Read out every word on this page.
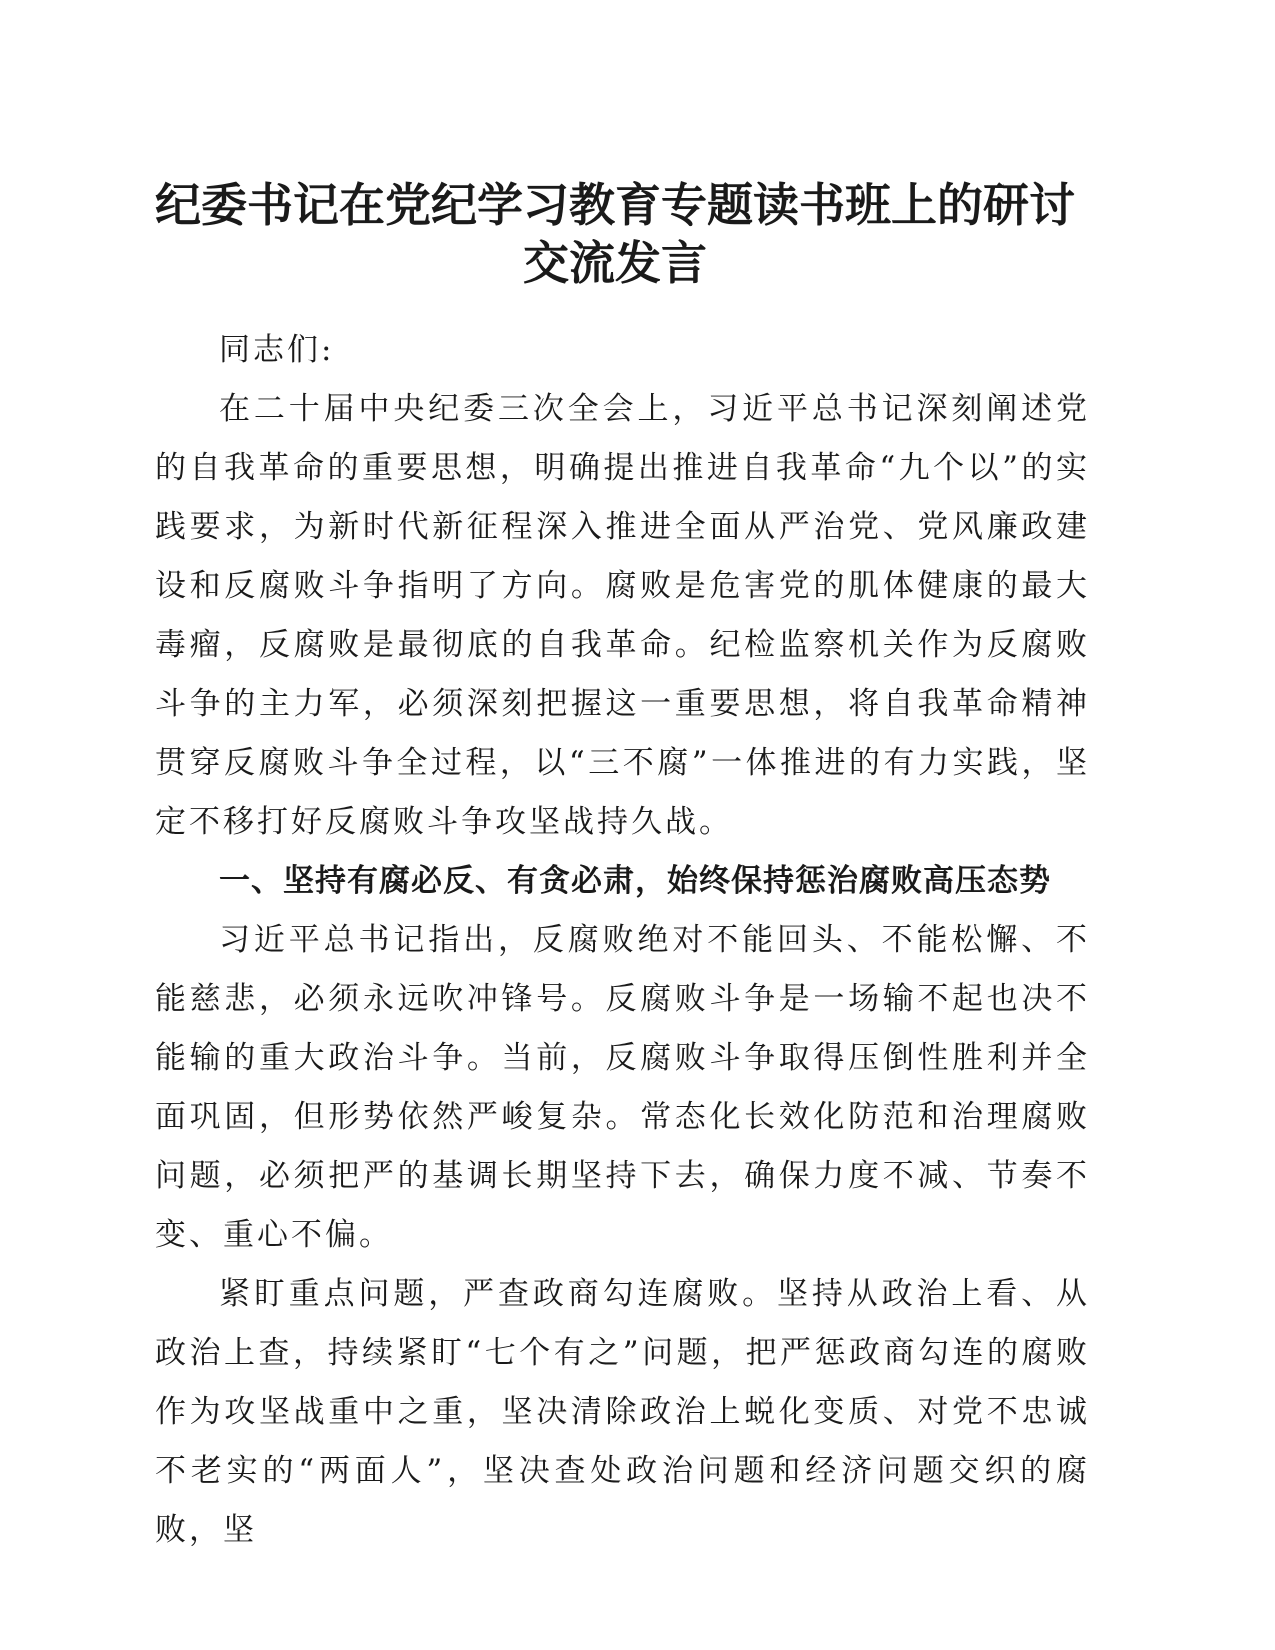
纪委书记在党纪学习教育专题读书班上的研讨
交流发言

同志们:

在二十届中央纪委三次全会上，习近平总书记深刻阐述党的自我革命的重要思想，明确提出推进自我革命“九个以”的实践要求，为新时代新征程深入推进全面从严治党、党风廉政建设和反腐败斗争指明了方向。腐败是危害党的肌体健康的最大毒瘤，反腐败是最彻底的自我革命。纪检监察机关作为反腐败斗争的主力军，必须深刻把握这一重要思想，将自我革命精神贯穿反腐败斗争全过程，以“三不腐”一体推进的有力实践，坚定不移打好反腐败斗争攻坚战持久战。

一、坚持有腐必反、有贪必肃，始终保持惩治腐败高压态势

习近平总书记指出，反腐败绝对不能回头、不能松懈、不能慈悲，必须永远吹冲锋号。反腐败斗争是一场输不起也决不能输的重大政治斗争。当前，反腐败斗争取得压倒性胜利并全面巩固，但形势依然严峻复杂。常态化长效化防范和治理腐败问题，必须把严的基调长期坚持下去，确保力度不减、节奏不变、重心不偏。

紧盯重点问题，严查政商勾连腐败。坚持从政治上看、从政治上查，持续紧盯“七个有之”问题，把严惩政商勾连的腐败作为攻坚战重中之重，坚决清除政治上蜕化变质、对党不忠诚不老实的“两面人”，坚决查处政治问题和经济问题交织的腐败，坚
